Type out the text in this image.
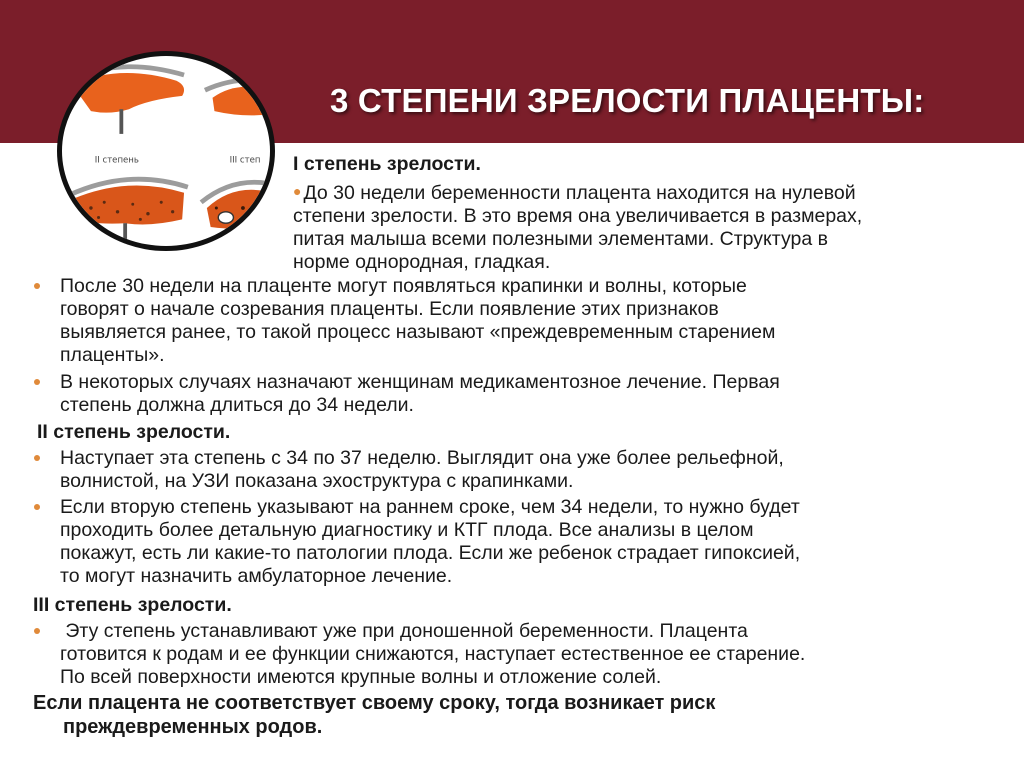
3 СТЕПЕНИ ЗРЕЛОСТИ ПЛАЦЕНТЫ:
II степень	III степ I степень зрелости.
● До 30 недели беременности плацента находится на нулевой
степени зрелости. В это время она увеличивается в размерах,
питая малыша всеми полезными элементами. Структура в
норме однородная, гладкая.
После 30 недели на плаценте могут появляться крапинки и волны, которые
говорят о начале созревания плаценты. Если появление этих признаков
выявляется ранее, то такой процесс называют «преждевременным старением
плаценты».
В некоторых случаях назначают женщинам медикаментозное лечение. Первая
степень должна длиться до 34 недели.
II степень зрелости.
Наступает эта степень с 34 по 37 неделю. Выглядит она уже более рельефной,
волнистой, на УЗИ показана эхоструктура с крапинками.
Если вторую степень указывают на раннем сроке, чем 34 недели, то нужно будет
проходить более детальную диагностику и КТГ плода. Все анализы в целом
покажут, есть ли какие-то патологии плода. Если же ребенок страдает гипоксией,
то могут назначить амбулаторное лечение.
III степень зрелости.
Эту степень устанавливают уже при доношенной беременности. Плацента
готовится к родам и ее функции снижаются, наступает естественное ее старение.
По всей поверхности имеются крупные волны и отложение солей.
Если плацента не соответствует своему сроку, тогда возникает риск
преждевременных родов.
